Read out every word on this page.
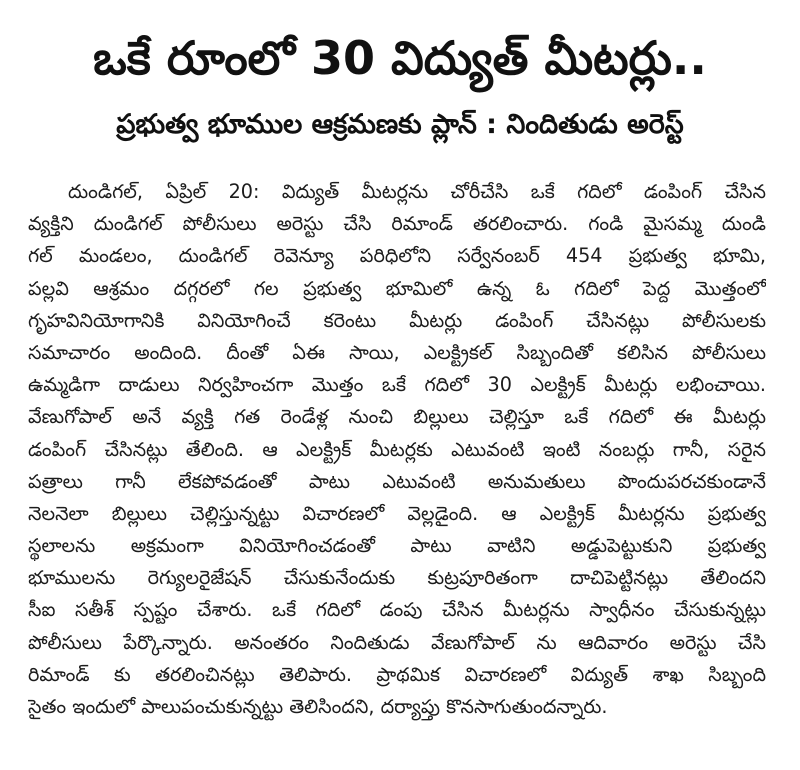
ఒకే రూంలో 30 విద్యుత్ మీటర్లు..
ప్రభుత్వ భూముల ఆక్రమణకు ప్లాన్ : నిందితుడు అరెస్ట్
దుండిగల్, ఏప్రిల్ 20: విద్యుత్ మీటర్లను చోరీచేసి ఒకే గదిలో డంపింగ్ చేసిన
వ్యక్తిని దుండిగల్ పోలీసులు అరెస్టు చేసి రిమాండ్ తరలించారు. గండి మైసమ్మ దుండి
గల్ మండలం, దుండిగల్ రెవెన్యూ పరిధిలోని సర్వేనంబర్ 454 ప్రభుత్వ భూమి,
పల్లవి ఆశ్రమం దగ్గరలో గల ప్రభుత్వ భూమిలో ఉన్న ఓ గదిలో పెద్ద మొత్తంలో
గృహవినియోగానికి వినియోగించే కరెంటు మీటర్లు డంపింగ్ చేసినట్లు పోలీసులకు
సమాచారం అందింది. దీంతో ఏఈ సాయి, ఎలక్ట్రికల్ సిబ్బందితో కలిసిన పోలీసులు
ఉమ్మడిగా దాడులు నిర్వహించగా మొత్తం ఒకే గదిలో 30 ఎలక్ట్రిక్ మీటర్లు లభించాయి.
వేణుగోపాల్ అనే వ్యక్తి గత రెండేళ్ల నుంచి బిల్లులు చెల్లిస్తూ ఒకే గదిలో ఈ మీటర్లు
డంపింగ్ చేసినట్లు తేలింది. ఆ ఎలక్ట్రిక్ మీటర్లకు ఎటువంటి ఇంటి నంబర్లు గానీ, సరైన
పత్రాలు గానీ లేకపోవడంతో పాటు ఎటువంటి అనుమతులు పొందుపరచకుండానే
నెలనెలా బిల్లులు చెల్లిస్తున్నట్టు విచారణలో వెల్లడైంది. ఆ ఎలక్ట్రిక్ మీటర్లను ప్రభుత్వ
స్థలాలను అక్రమంగా వినియోగించడంతో పాటు వాటిని అడ్డుపెట్టుకుని ప్రభుత్వ
భూములను రెగ్యులరైజేషన్ చేసుకునేందుకు కుట్రపూరితంగా దాచిపెట్టినట్లు తేలిందని
సీఐ సతీశ్ స్పష్టం చేశారు. ఒకే గదిలో డంపు చేసిన మీటర్లను స్వాధీనం చేసుకున్నట్లు
పోలీసులు పేర్కొన్నారు. అనంతరం నిందితుడు వేణుగోపాల్ ను ఆదివారం అరెస్టు చేసి
రిమాండ్ కు తరలించినట్లు తెలిపారు. ప్రాథమిక విచారణలో విద్యుత్ శాఖ సిబ్బంది
సైతం ఇందులో పాలుపంచుకున్నట్టు తెలిసిందని, దర్యాప్తు కొనసాగుతుందన్నారు.
